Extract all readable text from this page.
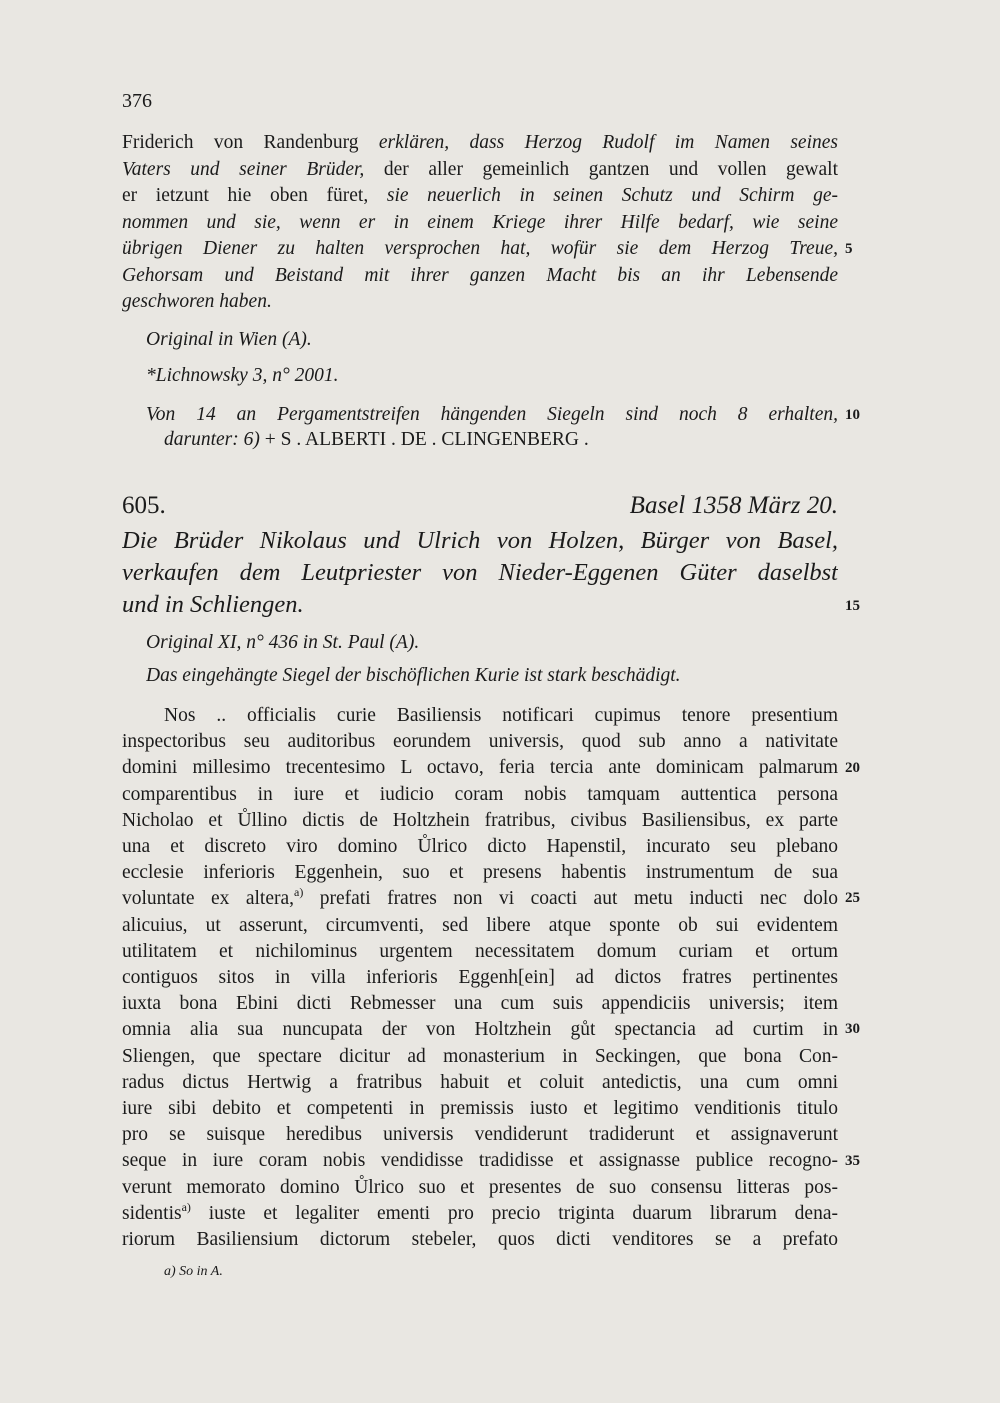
376
Friderich von Randenburg erklären, dass Herzog Rudolf im Namen seines
Vaters und seiner Brüder, der aller gemeinlich gantzen und vollen gewalt
er ietzunt hie oben füret, sie neuerlich in seinen Schutz und Schirm ge-
nommen und sie, wenn er in einem Kriege ihrer Hilfe bedarf, wie seine
übrigen Diener zu halten versprochen hat, wofür sie dem Herzog Treue,
Gehorsam und Beistand mit ihrer ganzen Macht bis an ihr Lebensende
geschworen haben.
Original in Wien (A).
*Lichnowsky 3, n° 2001.
Von 14 an Pergamentstreifen hängenden Siegeln sind noch 8 erhalten,
darunter: 6) + S . ALBERTI . DE . CLINGENBERG .
605.	Basel 1358 März 20.
Die Brüder Nikolaus und Ulrich von Holzen, Bürger von Basel,
verkaufen dem Leutpriester von Nieder-Eggenen Güter daselbst
und in Schliengen.
Original XI, n° 436 in St. Paul (A).
Das eingehängte Siegel der bischöflichen Kurie ist stark beschädigt.
Nos .. officialis curie Basiliensis notificari cupimus tenore presentium
inspectoribus seu auditoribus eorundem universis, quod sub anno a nativitate
domini millesimo trecentesimo L octavo, feria tercia ante dominicam palmarum
comparentibus in iure et iudicio coram nobis tamquam auttentica persona
Nicholao et Ůllino dictis de Holtzhein fratribus, civibus Basiliensibus, ex parte
una et discreto viro domino Ůlrico dicto Hapenstil, incurato seu plebano
ecclesie inferioris Eggenhein, suo et presens habentis instrumentum de sua
voluntate ex altera,$^{a)}$ prefati fratres non vi coacti aut metu inducti nec dolo
alicuius, ut asserunt, circumventi, sed libere atque sponte ob sui evidentem
utilitatem et nichilominus urgentem necessitatem domum curiam et ortum
contiguos sitos in villa inferioris Eggenh[ein] ad dictos fratres pertinentes
iuxta bona Ebini dicti Rebmesser una cum suis appendiciis universis; item
omnia alia sua nuncupata der von Holtzhein gůt spectancia ad curtim in
Sliengen, que spectare dicitur ad monasterium in Seckingen, que bona Con-
radus dictus Hertwig a fratribus habuit et coluit antedictis, una cum omni
iure sibi debito et competenti in premissis iusto et legitimo venditionis titulo
pro se suisque heredibus universis vendiderunt tradiderunt et assignaverunt
seque in iure coram nobis vendidisse tradidisse et assignasse publice recogno-
verunt memorato domino Ůlrico suo et presentes de suo consensu litteras pos-
sidentis$^{a)}$ iuste et legaliter ementi pro precio triginta duarum librarum dena-
riorum Basiliensium dictorum stebeler, quos dicti venditores se a prefato
a) So in A.
5
10
15
20
25
30
35
